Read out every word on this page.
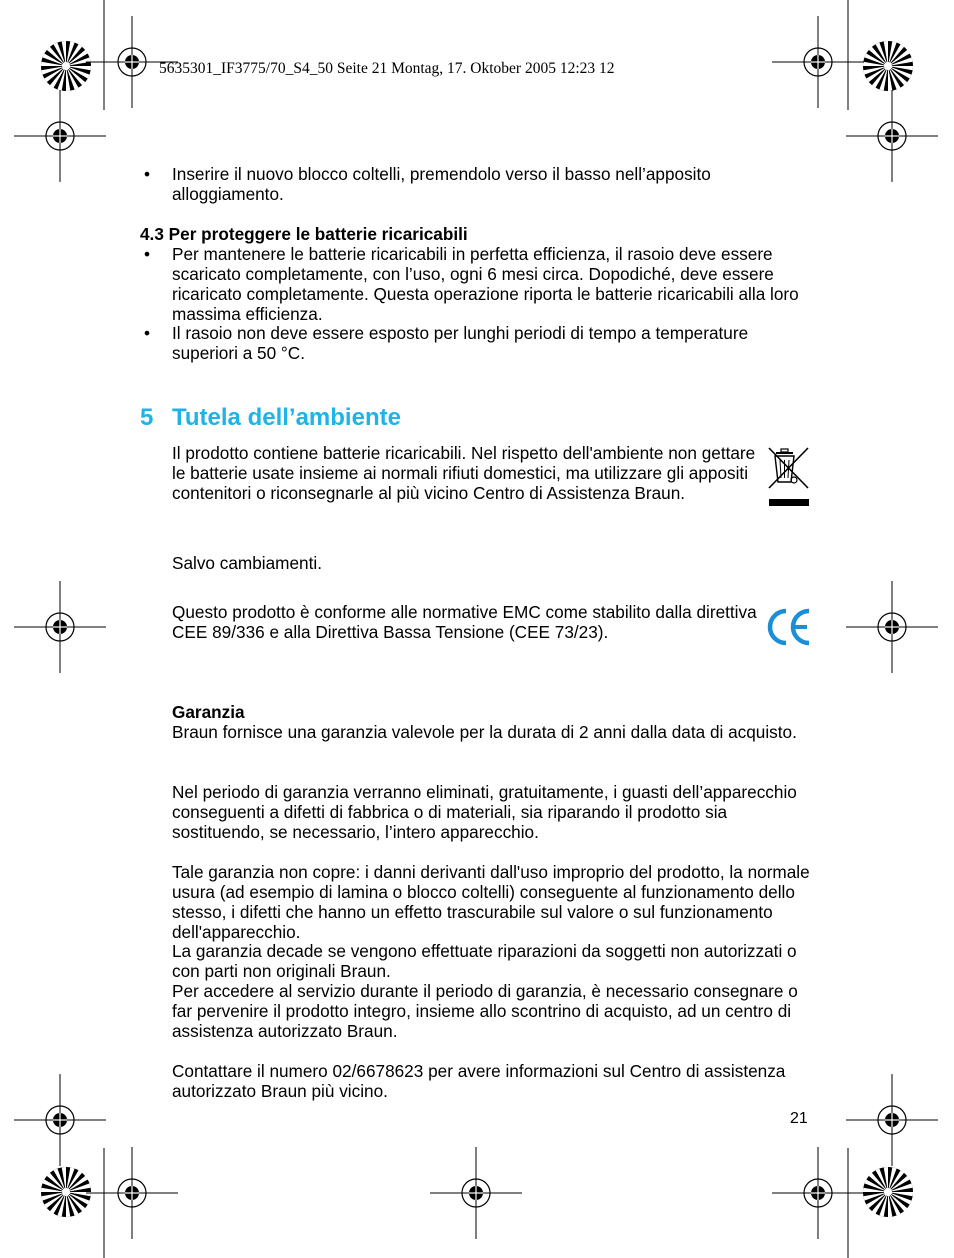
5635301_IF3775/70_S4_50 Seite 21 Montag, 17. Oktober 2005 12:23 12
• Inserire il nuovo blocco coltelli, premendolo verso il basso nell’apposito alloggiamento.
4.3 Per proteggere le batterie ricaricabili
• Per mantenere le batterie ricaricabili in perfetta efficienza, il rasoio deve essere scaricato completamente, con l’uso, ogni 6 mesi circa. Dopodiché, deve essere ricaricato completamente. Questa operazione riporta le batterie ricaricabili alla loro massima efficienza.
• Il rasoio non deve essere esposto per lunghi periodi di tempo a temperature superiori a 50 °C.
5 Tutela dell’ambiente
Il prodotto contiene batterie ricaricabili. Nel rispetto dell'ambiente non gettare le batterie usate insieme ai normali rifiuti domestici, ma utilizzare gli appositi contenitori o riconsegnarle al più vicino Centro di Assistenza Braun.
Salvo cambiamenti.
Questo prodotto è conforme alle normative EMC come stabilito dalla direttiva CEE 89/336 e alla Direttiva Bassa Tensione (CEE 73/23).
Garanzia
Braun fornisce una garanzia valevole per la durata di 2 anni dalla data di acquisto.
Nel periodo di garanzia verranno eliminati, gratuitamente, i guasti dell’apparecchio conseguenti a difetti di fabbrica o di materiali, sia riparando il prodotto sia sostituendo, se necessario, l’intero apparecchio.
Tale garanzia non copre: i danni derivanti dall'uso improprio del prodotto, la normale usura (ad esempio di lamina o blocco coltelli) conseguente al funzionamento dello stesso, i difetti che hanno un effetto trascurabile sul valore o sul funzionamento dell'apparecchio.
La garanzia decade se vengono effettuate riparazioni da soggetti non autorizzati o con parti non originali Braun.
Per accedere al servizio durante il periodo di garanzia, è necessario consegnare o far pervenire il prodotto integro, insieme allo scontrino di acquisto, ad un centro di assistenza autorizzato Braun.
Contattare il numero 02/6678623 per avere informazioni sul Centro di assistenza autorizzato Braun più vicino.
21
